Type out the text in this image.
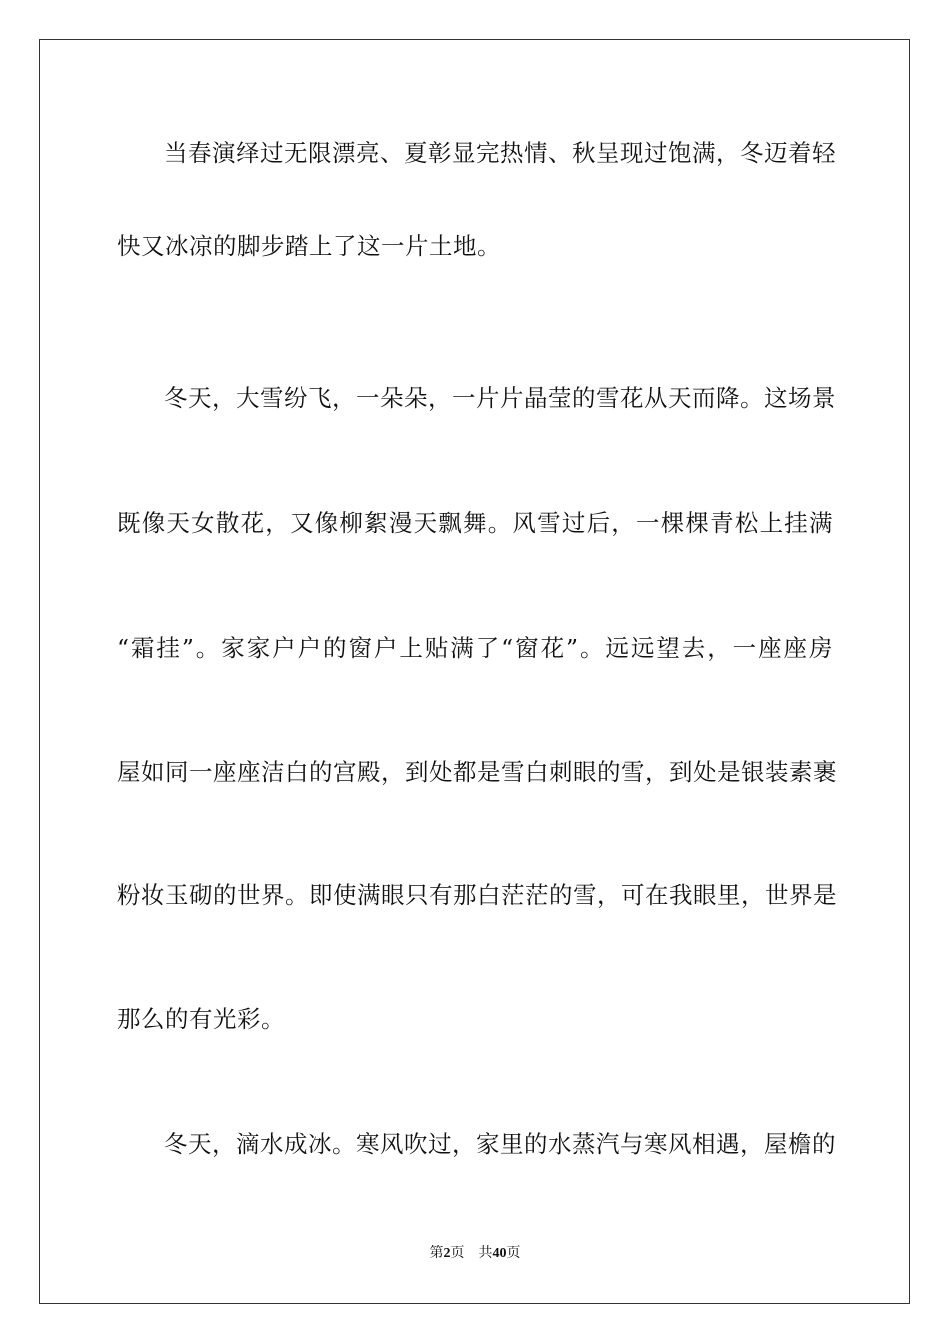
当春演绎过无限漂亮、夏彰显完热情、秋呈现过饱满，冬迈着轻
快又冰凉的脚步踏上了这一片土地。
冬天，大雪纷飞，一朵朵，一片片晶莹的雪花从天而降。这场景
既像天女散花，又像柳絮漫天飘舞。风雪过后，一棵棵青松上挂满
“霜挂”。家家户户的窗户上贴满了“窗花”。远远望去，一座座房
屋如同一座座洁白的宫殿，到处都是雪白刺眼的雪，到处是银装素裹
粉妆玉砌的世界。即使满眼只有那白茫茫的雪，可在我眼里，世界是
那么的有光彩。
冬天，滴水成冰。寒风吹过，家里的水蒸汽与寒风相遇，屋檐的
第2页 共40页
